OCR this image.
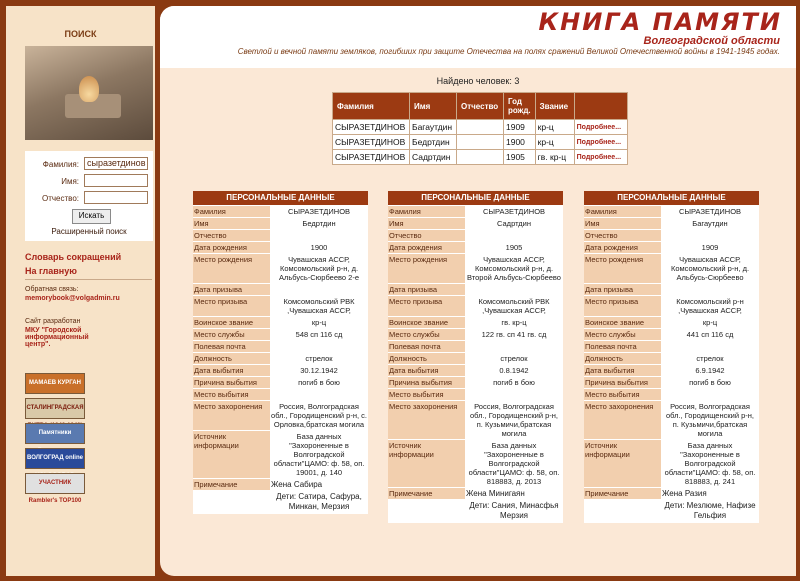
ПОИСК
Фамилия: сыразетдинов
Имя:
Отчество:
Искать
Расширенный поиск
Словарь сокращений
На главную
Обратная связь:
memorybook@volgadmin.ru
Сайт разработан
МКУ "Городской информационный центр".
МАМАЕВ КУРГАН
СТАЛИНГРАДСКАЯ
Памятники
ВОЛГОГРАД online
УЧАСТНИК Rambler's TOP100
КНИГА ПАМЯТИ
Волгоградской области
Светлой и вечной памяти земляков, погибших при защите Отечества на полях сражений Великой Отечественной войны в 1941-1945 годах.
Найдено человек: 3
Фамилия	Имя	Отчество	Год рожд.	Звание	
СЫРАЗЕТДИНОВ	Багаутдин		1909	кр-ц	Подробнее...
СЫРАЗЕТДИНОВ	Бедртдин		1900	кр-ц	Подробнее...
СЫРАЗЕТДИНОВ	Садртдин		1905	гв. кр-ц	Подробнее...
ПЕРСОНАЛЬНЫЕ ДАННЫЕ
Фамилия	СЫРАЗЕТДИНОВ
Имя	Бедртдин
Отчество
Дата рождения	1900
Место рождения	Чувашская АССР, Комсомольский р-н, д. Альбусь-Сюрбеево 2-е
Дата призыва
Место призыва	Комсомольский РВК ,Чувашская АССР,
Воинское звание	кр-ц
Место службы	548 сп 116 сд
Полевая почта
Должность	стрелок
Дата выбытия	30.12.1942
Причина выбытия	погиб в бою
Место выбытия
Место захоронения	Россия, Волгоградская обл., Городищенский р-н, с. Орловка,братская могила
Источник информации
База данных "Захороненные в Волгоградской области"ЦАМО: ф. 58, оп. 19001, д. 140
Примечание	Жена Сабира
Дети: Сатира, Сафура, Минкан, Мерзия
ПЕРСОНАЛЬНЫЕ ДАННЫЕ
Фамилия	СЫРАЗЕТДИНОВ
Имя	Садртдин
Отчество
Дата рождения	1905
Место рождения	Чувашская АССР, Комсомольский р-н, д. Второй Альбусь-Сюрбеево
Дата призыва
Место призыва	Комсомольский РВК ,Чувашская АССР,
Воинское звание	гв. кр-ц
Место службы	122 гв. сп 41 гв. сд
Полевая почта
Должность	стрелок
Дата выбытия	0.8.1942
Причина выбытия	погиб в бою
Место выбытия
Место захоронения	Россия, Волгоградская обл., Городищенский р-н, п. Кузьмичи,братская могила
Источник информации
База данных "Захороненные в Волгоградской области"ЦАМО: ф. 58, оп. 818883, д. 2013
Примечание	Жена Минигаян
Дети: Сания, Минасфья Мерзия
ПЕРСОНАЛЬНЫЕ ДАННЫЕ
Фамилия	СЫРАЗЕТДИНОВ
Имя	Багаутдин
Отчество
Дата рождения	1909
Место рождения	Чувашская АССР, Комсомольский р-н, д. Альбусь-Сюрбеево
Дата призыва
Место призыва	Комсомольский р-н ,Чувашская АССР,
Воинское звание	кр-ц
Место службы	441 сп 116 сд
Полевая почта
Должность	стрелок
Дата выбытия	6.9.1942
Причина выбытия	погиб в бою
Место выбытия
Место захоронения	Россия, Волгоградская обл., Городищенский р-н, п. Кузьмичи,братская могила
Источник информации
База данных "Захороненные в Волгоградской области"ЦАМО: ф. 58, оп. 818883, д. 241
Примечание	Жена Разия
Дети: Мезлюме, Нафизе Гельфия
